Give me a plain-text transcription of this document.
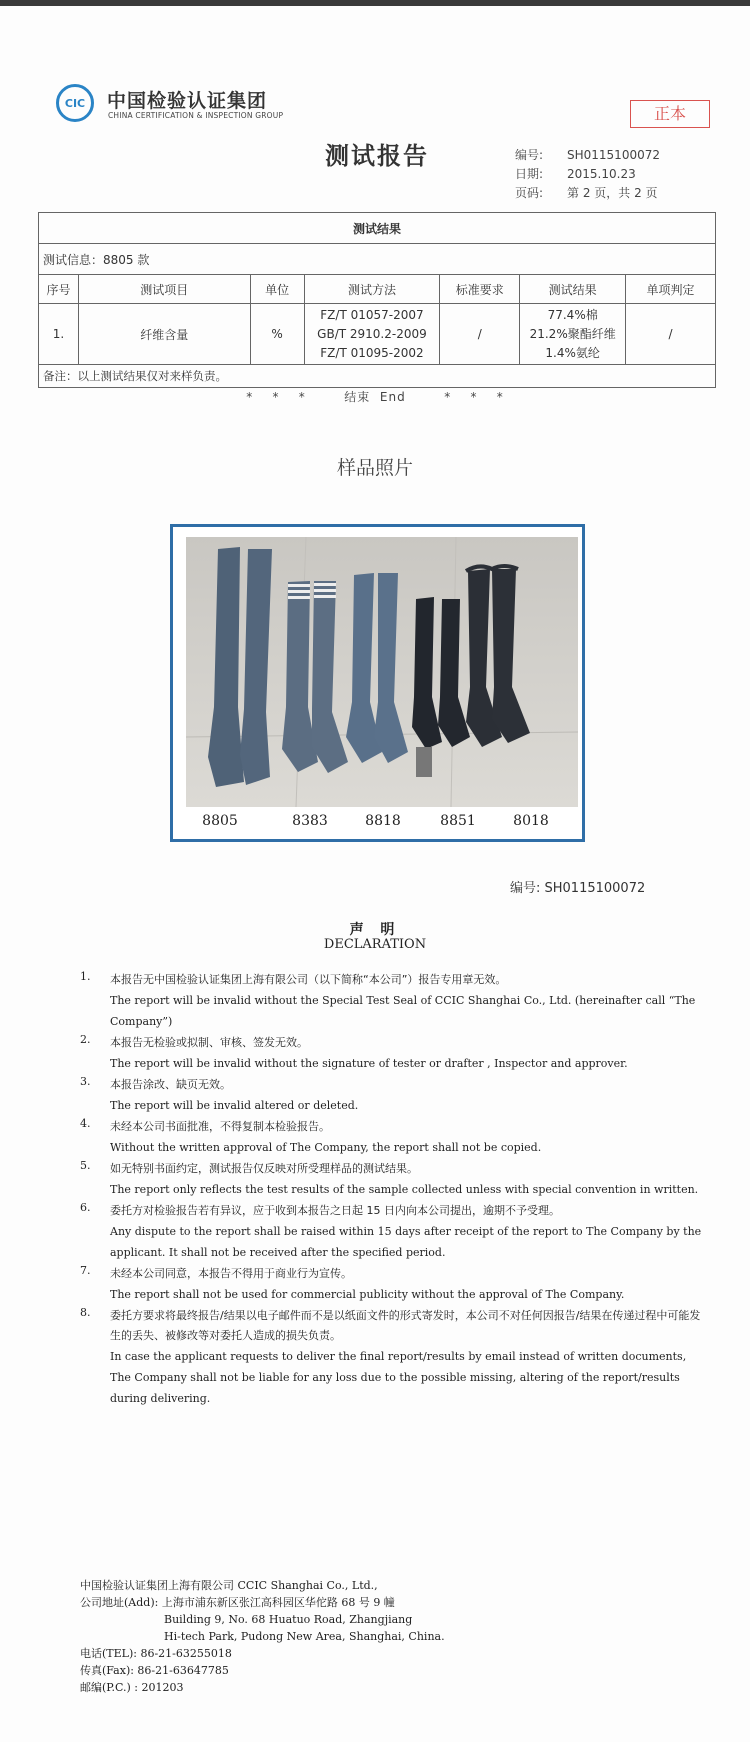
CIC	中国检验认证集团
CHINA CERTIFICATION & INSPECTION GROUP	正本
测试报告	编号:	SH0115100072
日期:	2015.10.23
页码:	第 2 页，共 2 页
测试结果						
测试信息：8805 款						
序号	测试项目	单位	测试方法	标准要求	测试结果	单项判定
1.	纤维含量	%	FZ/T 01057-2007
GB/T 2910.2-2009
FZ/T 01095-2002	/	77.4%棉
21.2%聚酯纤维
1.4%氨纶	/
备注：以上测试结果仅对来样负责。						
*    *    *        结束  End        *    *    *
样品照片
8805	8383	8818	8851	8018
编号: SH0115100072
声 明
DECLARATION
1. 本报告无中国检验认证集团上海有限公司（以下简称“本公司”）报告专用章无效。
The report will be invalid without the Special Test Seal of CCIC Shanghai Co., Ltd. (hereinafter call “The Company”)
2. 本报告无检验或拟制、审核、签发无效。
The report will be invalid without the signature of tester or drafter , Inspector and approver.
3. 本报告涂改、缺页无效。
The report will be invalid altered or deleted.
4. 未经本公司书面批准，不得复制本检验报告。
Without the written approval of The Company, the report shall not be copied.
5. 如无特别书面约定，测试报告仅反映对所受理样品的测试结果。
The report only reflects the test results of the sample collected unless with special convention in written.
6. 委托方对检验报告若有异议，应于收到本报告之日起 15 日内向本公司提出，逾期不予受理。
Any dispute to the report shall be raised within 15 days after receipt of the report to The Company by the applicant. It shall not be received after the specified period.
7. 未经本公司同意，本报告不得用于商业行为宣传。
The report shall not be used for commercial publicity without the approval of The Company.
8. 委托方要求将最终报告/结果以电子邮件而不是以纸面文件的形式寄发时，本公司不对任何因报告/结果在传递过程中可能发生的丢失、被修改等对委托人造成的损失负责。
In case the applicant requests to deliver the final report/results by email instead of written documents, The Company shall not be liable for any loss due to the possible missing, altering of the report/results during delivering.
中国检验认证集团上海有限公司 CCIC Shanghai Co., Ltd.,
公司地址(Add): 上海市浦东新区张江高科园区华佗路 68 号 9 幢
Building 9, No. 68 Huatuo Road, Zhangjiang
Hi-tech Park, Pudong New Area, Shanghai, China.
电话(TEL): 86-21-63255018
传真(Fax): 86-21-63647785
邮编(P.C.) : 201203
